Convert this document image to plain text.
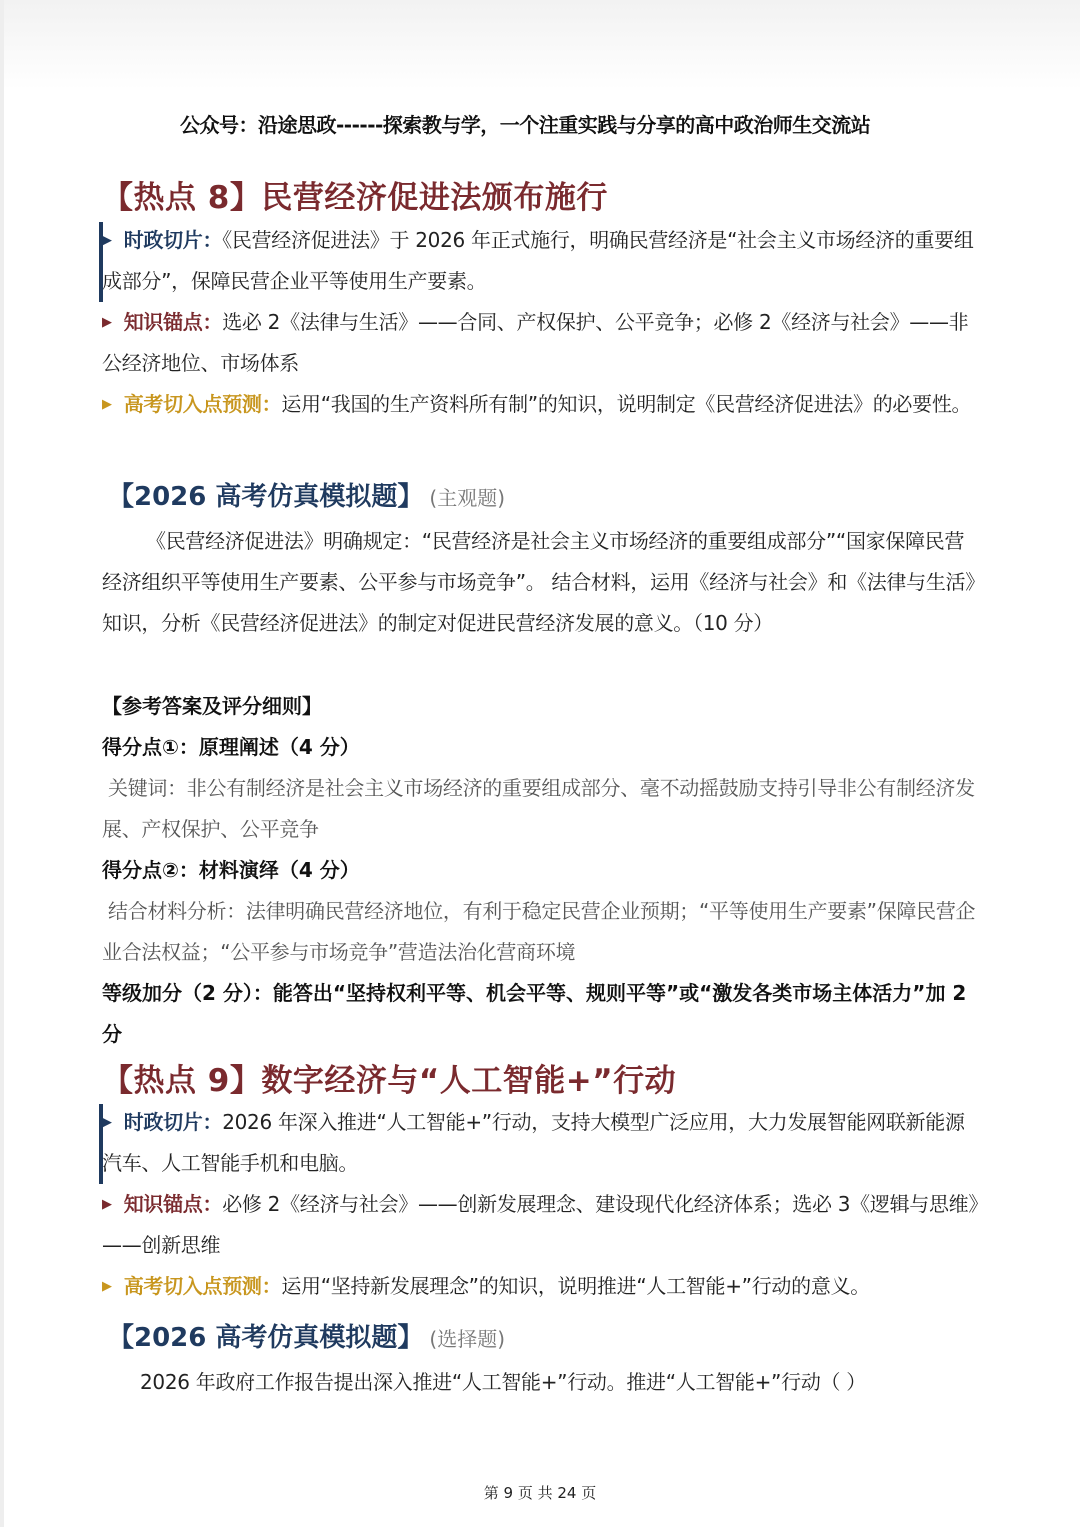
公众号：沿途思政------探索教与学，一个注重实践与分享的高中政治师生交流站
【热点 8】民营经济促进法颁布施行
▶ 时政切片：《民营经济促进法》于 2026 年正式施行，明确民营经济是“社会主义市场经济的重要组成部分”，保障民营企业平等使用生产要素。
▶ 知识锚点：选必 2《法律与生活》——合同、产权保护、公平竞争；必修 2《经济与社会》——非公经济地位、市场体系
▶ 高考切入点预测：运用“我国的生产资料所有制”的知识，说明制定《民营经济促进法》的必要性。
【2026 高考仿真模拟题】 (主观题)
《民营经济促进法》明确规定：“民营经济是社会主义市场经济的重要组成部分”“国家保障民营经济组织平等使用生产要素、公平参与市场竞争”。 结合材料，运用《经济与社会》和《法律与生活》知识，分析《民营经济促进法》的制定对促进民营经济发展的意义。（10 分）
【参考答案及评分细则】
得分点①：原理阐述（4 分）
关键词：非公有制经济是社会主义市场经济的重要组成部分、毫不动摇鼓励支持引导非公有制经济发展、产权保护、公平竞争
得分点②：材料演绎（4 分）
结合材料分析：法律明确民营经济地位，有利于稳定民营企业预期；“平等使用生产要素”保障民营企业合法权益；“公平参与市场竞争”营造法治化营商环境
等级加分（2 分）：能答出“坚持权利平等、机会平等、规则平等”或“激发各类市场主体活力”加 2 分
【热点 9】数字经济与“人工智能+”行动
▶ 时政切片：2026 年深入推进“人工智能+”行动，支持大模型广泛应用，大力发展智能网联新能源汽车、人工智能手机和电脑。
▶ 知识锚点：必修 2《经济与社会》——创新发展理念、建设现代化经济体系；选必 3《逻辑与思维》——创新思维
▶ 高考切入点预测：运用“坚持新发展理念”的知识，说明推进“人工智能+”行动的意义。
【2026 高考仿真模拟题】 (选择题)
2026 年政府工作报告提出深入推进“人工智能+”行动。推进“人工智能+”行动（ ）
第 9 页 共 24 页
